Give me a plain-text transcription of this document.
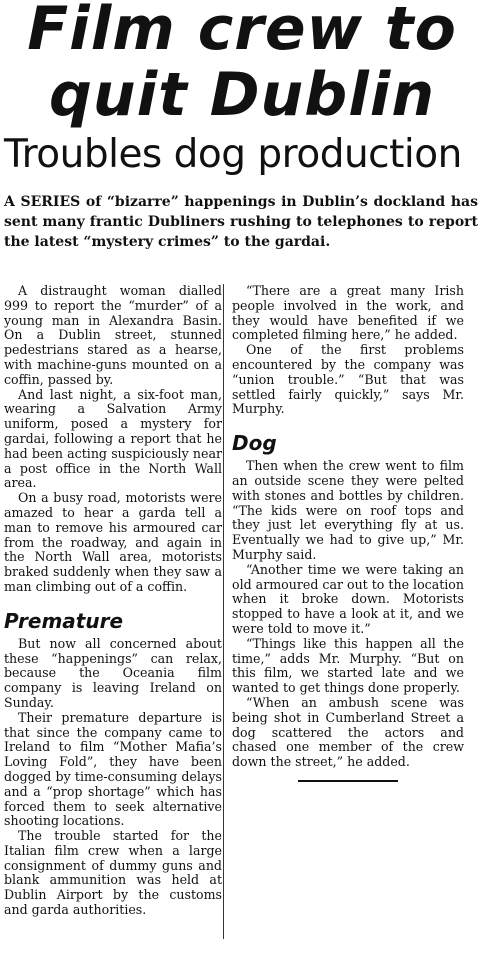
Film crew to
quit Dublin
Troubles dog production
A SERIES of “bizarre” happenings in Dublin’s dockland has sent many frantic Dubliners rushing to telephones to report the latest “mystery crimes” to the gardai.

A distraught woman dialled 999 to report the “murder” of a young man in Alexandra Basin. On a Dublin street, stunned pedestrians stared as a hearse, with machine-guns mounted on a coffin, passed by.

And last night, a six-foot man, wearing a Salvation Army uniform, posed a mystery for gardai, following a report that he had been acting suspiciously near a post office in the North Wall area.

On a busy road, motorists were amazed to hear a garda tell a man to remove his armoured car from the roadway, and again in the North Wall area, motorists braked suddenly when they saw a man climbing out of a coffin.

Premature

But now all concerned about these “happenings” can relax, because the Oceania film company is leaving Ireland on Sunday.

Their premature departure is that since the company came to Ireland to film “Mother Mafia’s Loving Fold”, they have been dogged by time-consuming delays and a “prop shortage” which has forced them to seek alternative shooting locations.

The trouble started for the Italian film crew when a large consignment of dummy guns and blank ammunition was held at Dublin Airport by the customs and garda authorities.

“There are a great many Irish people involved in the work, and they would have benefited if we completed filming here,” he added.

One of the first problems encountered by the company was “union trouble.” “But that was settled fairly quickly,” says Mr. Murphy.

Dog

Then when the crew went to film an outside scene they were pelted with stones and bottles by children. “The kids were on roof tops and they just let everything fly at us. Eventually we had to give up,” Mr. Murphy said.

“Another time we were taking an old armoured car out to the location when it broke down. Motorists stopped to have a look at it, and we were told to move it.”

“Things like this happen all the time,” adds Mr. Murphy. “But on this film, we started late and we wanted to get things done properly.

“When an ambush scene was being shot in Cumberland Street a dog scattered the actors and chased one member of the crew down the street,” he added.
